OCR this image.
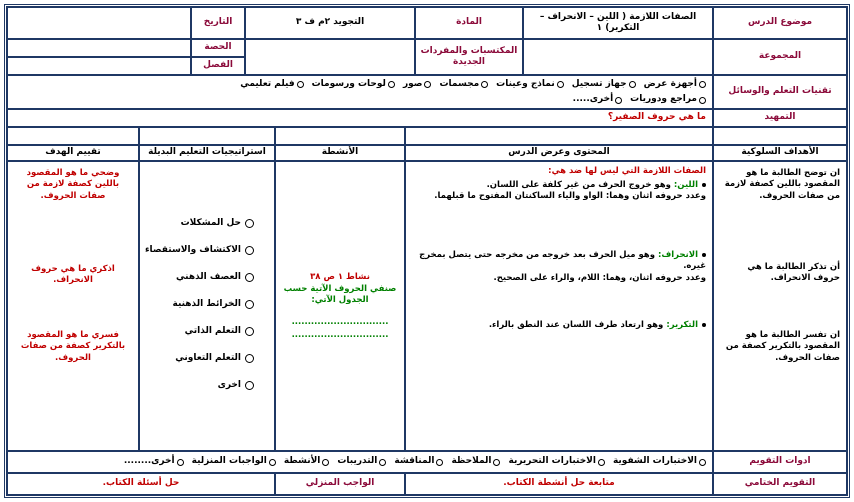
موضوع الدرس
الصفات اللازمة ( اللين – الانحراف – التكرير) ١
المادة
التجويد ٢م ف ٣
التاريخ
المجموعة
المكتسبات والمفردات الجديدة
الحصة
الفصل
تقنيات التعلم والوسائل
أجهزة عرض
جهاز تسجيل
نماذج وعينات
مجسمات
صور
لوحات ورسومات
فيلم تعليمي
مراجع ودوريات
أخرى.....
التمهيد
ما هي حروف الصفير؟
الأهداف السلوكية
المحتوى وعرض الدرس
الأنشطة
استراتيجيات التعليم البديلة
تقييم الهدف
ان توضح الطالبة ما هو المقصود باللين كصفة لازمة من صفات الحروف.
أن تذكر الطالبة ما هي حروف الانحراف.
ان تفسر الطالبة ما هو المقصود بالتكرير كصفة من صفات الحروف.
الصفات اللازمة التي ليس لها ضد هي:
اللين: وهو خروج الحرف من غير كلفة على اللسان.
وعدد حروفه اثنان وهما: الواو والياء الساكنتان المفتوح ما قبلهما.
الانحراف: وهو ميل الحرف بعد خروجه من مخرجه حتى يتصل بمخرج غيره.
وعدد حروفه اثنان، وهما: اللام، والراء على الصحيح.
التكرير: وهو ارتعاد طرف اللسان عند النطق بالراء.
نشاط ١ ص ٣٨
صنفي الحروف الآتية حسب الجدول الآتي:
..............................
..............................
حل المشكلات
الاكتشاف والاستقصاء
العصف الذهني
الخرائط الذهنية
التعلم الذاتي
التعلم التعاوني
اخرى
وضحي ما هو المقصود باللين كصفة لازمة من صفات الحروف.
اذكري ما هي حروف الانحراف.
فسري ما هو المقصود بالتكرير كصفة من صفات الحروف.
ادوات التقويم
الاختبارات الشفوية
الاختبارات التحريرية
الملاحظة
المناقشة
التدريبات
الأنشطة
الواجبات المنزلية
أخرى........
التقويم الختامي
متابعة حل أنشطة الكتاب.
الواجب المنزلي
حل أسئلة الكتاب.
